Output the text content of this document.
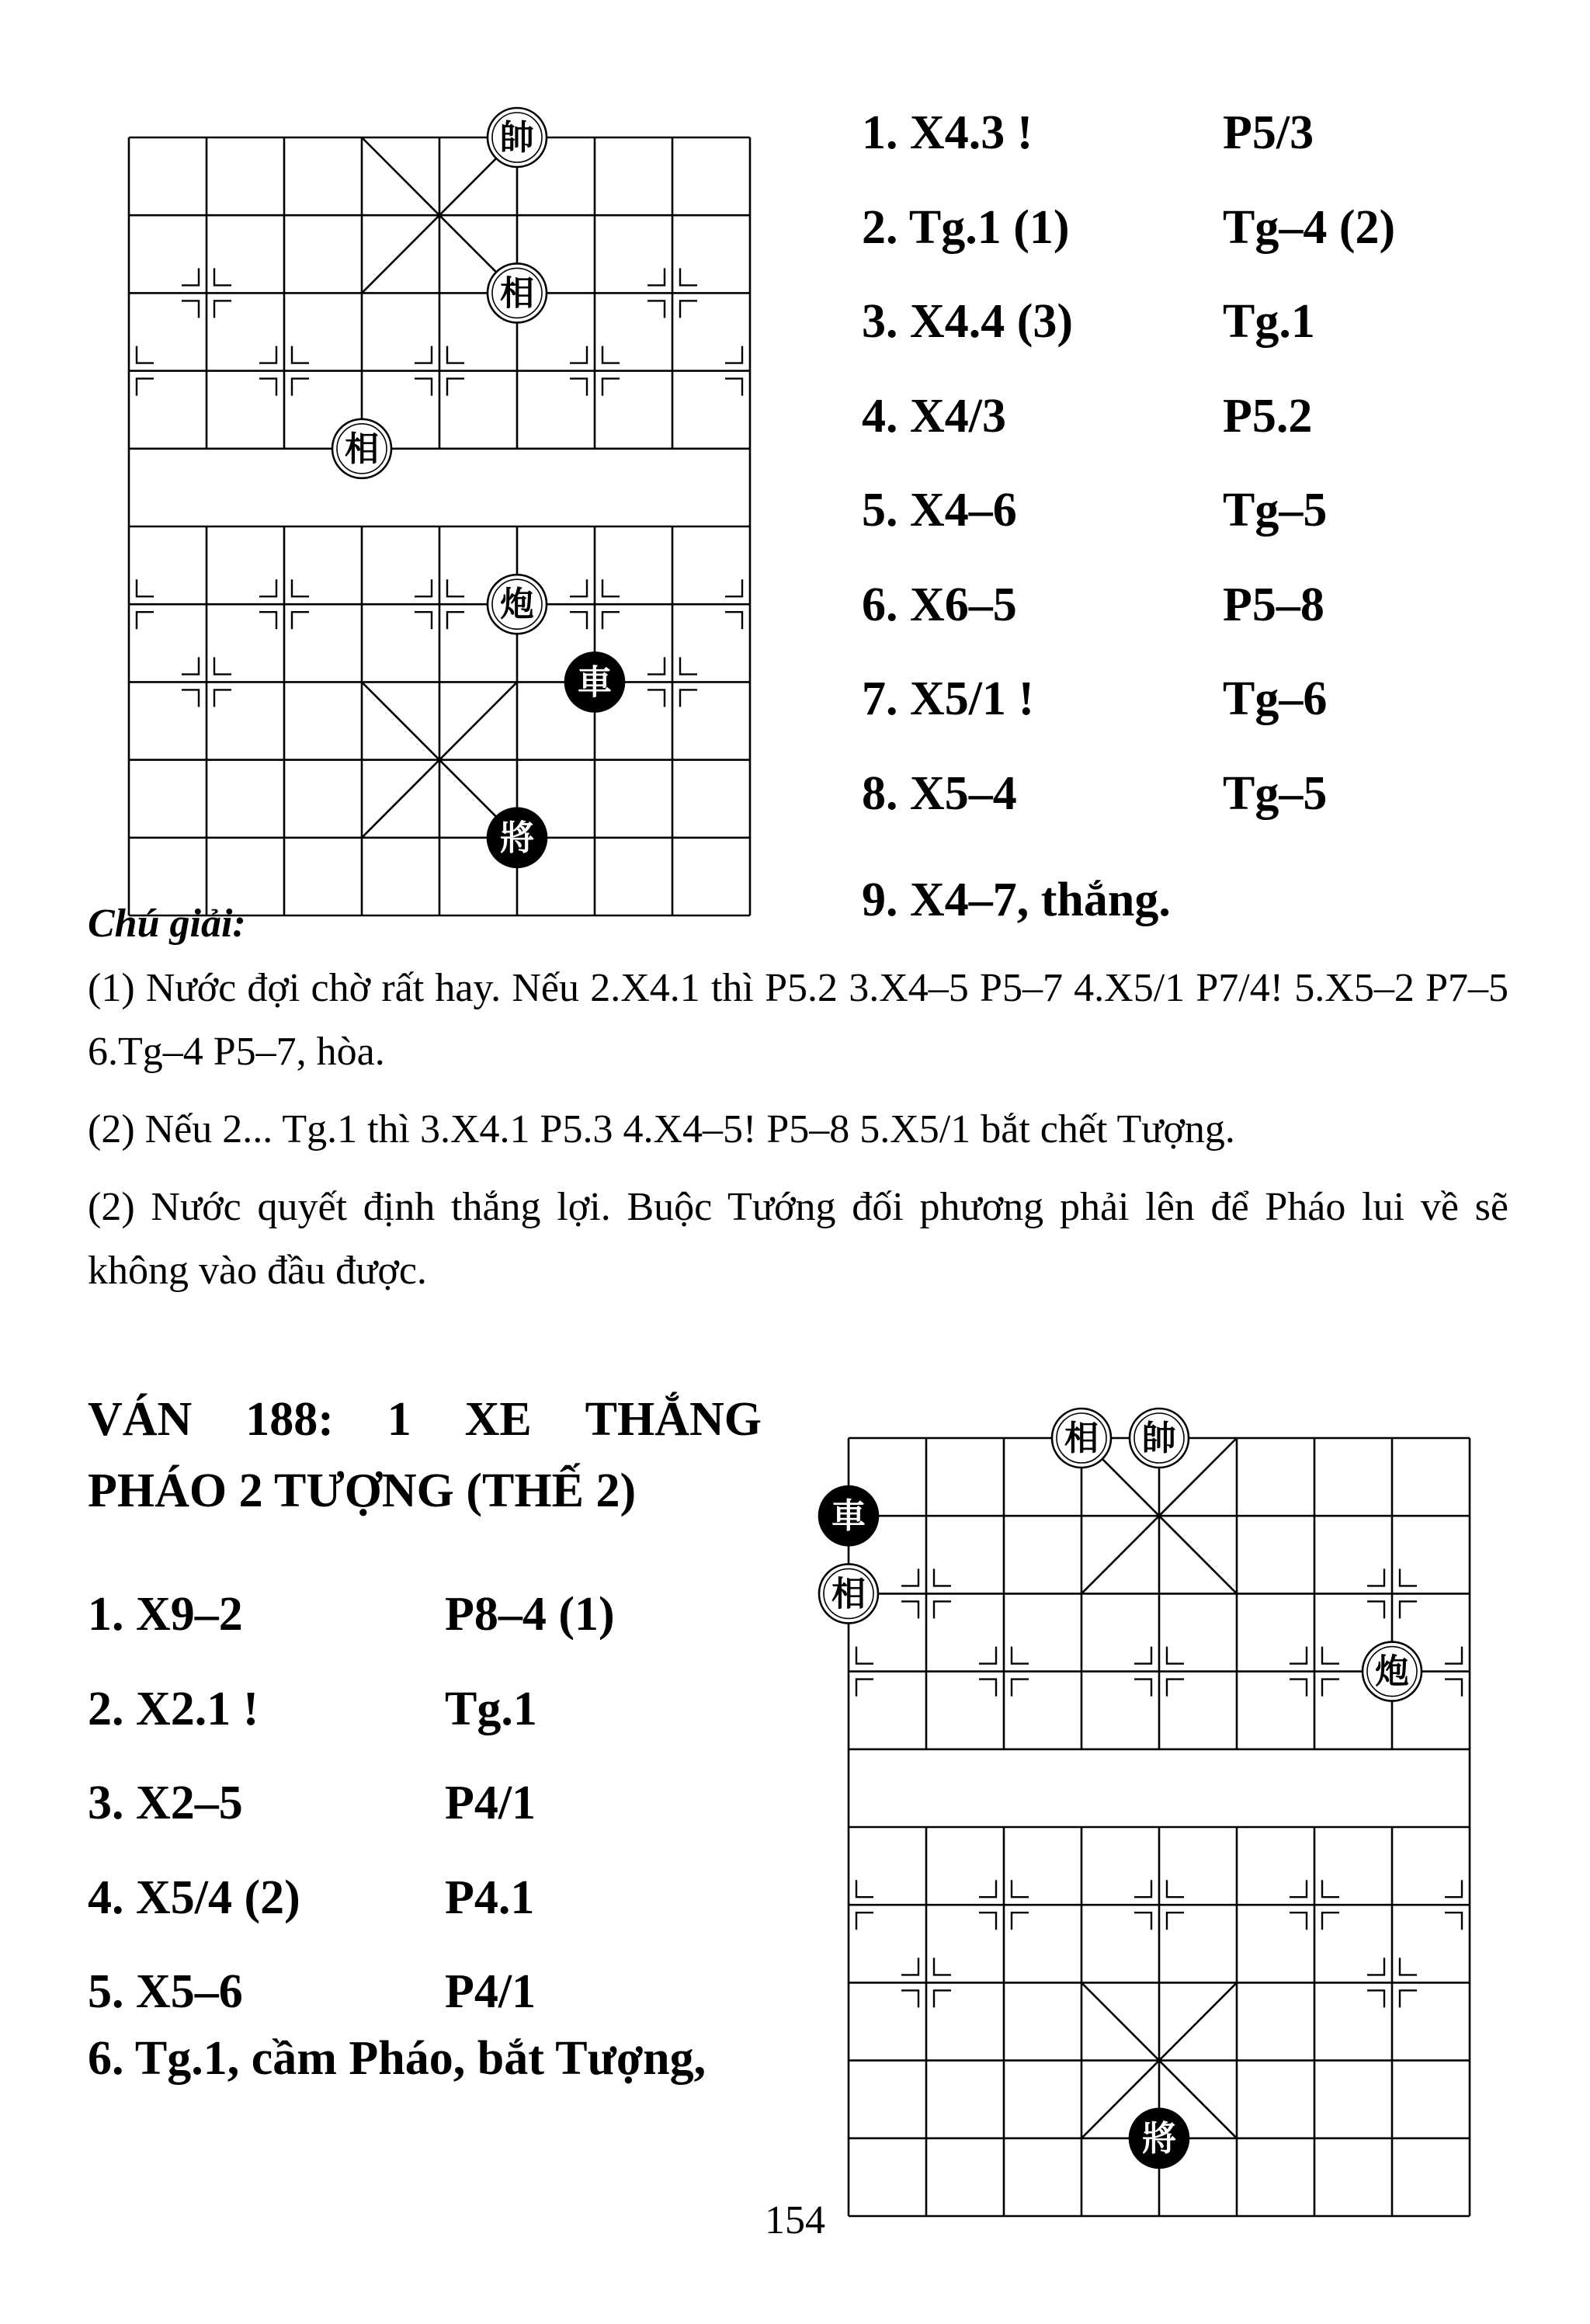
帥
相
相
炮
車
將
1. X4.3 !	P5/3
2. Tg.1 (1)	Tg–4 (2)
3. X4.4 (3)	Tg.1
4. X4/3	P5.2
5. X4–6	Tg–5
6. X6–5	P5–8
7. X5/1 !	Tg–6
8. X5–4	Tg–5
9. X4–7, thắng.
Chú giải:
(1) Nước đợi chờ rất hay. Nếu 2.X4.1 thì P5.2 3.X4–5 P5–7 4.X5/1 P7/4! 5.X5–2 P7–5 6.Tg–4 P5–7, hòa.
(2) Nếu 2... Tg.1 thì 3.X4.1 P5.3 4.X4–5! P5–8 5.X5/1 bắt chết Tượng.
(2) Nước quyết định thắng lợi. Buộc Tướng đối phương phải lên để Pháo lui về sẽ không vào đầu được.
VÁN 188: 1 XE THẮNG
PHÁO 2 TƯỢNG (THẾ 2)
相 帥
車
相
炮
將
1. X9–2	P8–4 (1)
2. X2.1 !	Tg.1
3. X2–5	P4/1
4. X5/4 (2)	P4.1
5. X5–6	P4/1
6. Tg.1, cầm Pháo, bắt Tượng,
154
